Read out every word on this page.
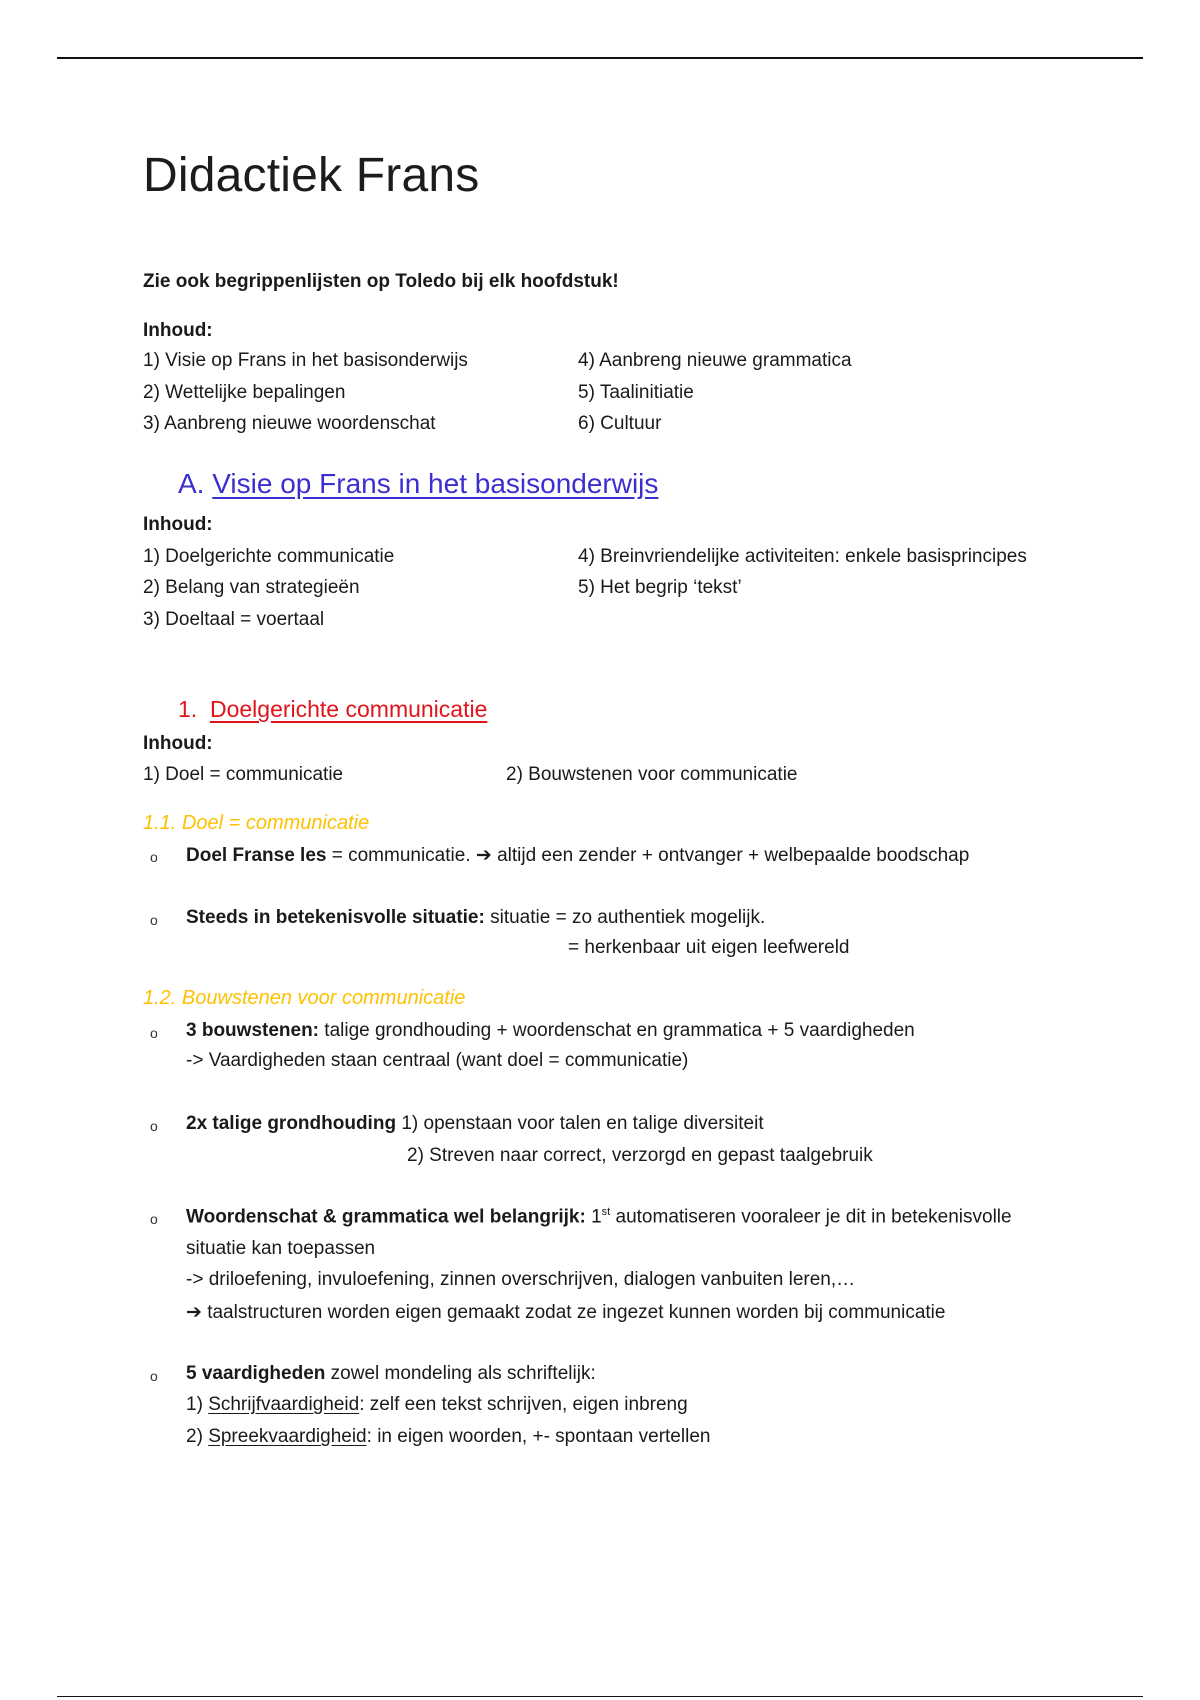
Didactiek Frans
Zie ook begrippenlijsten op Toledo bij elk hoofdstuk!
Inhoud:
1) Visie op Frans in het basisonderwijs
2) Wettelijke bepalingen
3) Aanbreng nieuwe woordenschat
4) Aanbreng nieuwe grammatica
5) Taalinitiatie
6) Cultuur
A. Visie op Frans in het basisonderwijs
Inhoud:
1) Doelgerichte communicatie
2) Belang van strategieën
3) Doeltaal = voertaal
4) Breinvriendelijke activiteiten: enkele basisprincipes
5) Het begrip ‘tekst’
1. Doelgerichte communicatie
Inhoud:
1) Doel = communicatie	2) Bouwstenen voor communicatie
1.1. Doel = communicatie
o Doel Franse les = communicatie. ➔ altijd een zender + ontvanger + welbepaalde boodschap
o Steeds in betekenisvolle situatie: situatie = zo authentiek mogelijk.
= herkenbaar uit eigen leefwereld
1.2. Bouwstenen voor communicatie
o 3 bouwstenen: talige grondhouding + woordenschat en grammatica + 5 vaardigheden
-> Vaardigheden staan centraal (want doel = communicatie)
o 2x talige grondhouding 1) openstaan voor talen en talige diversiteit
2) Streven naar correct, verzorgd en gepast taalgebruik
o Woordenschat & grammatica wel belangrijk: 1st automatiseren vooraleer je dit in betekenisvolle
situatie kan toepassen
-> driloefening, invuloefening, zinnen overschrijven, dialogen vanbuiten leren,…
➔ taalstructuren worden eigen gemaakt zodat ze ingezet kunnen worden bij communicatie
o 5 vaardigheden zowel mondeling als schriftelijk:
1) Schrijfvaardigheid: zelf een tekst schrijven, eigen inbreng
2) Spreekvaardigheid: in eigen woorden, +- spontaan vertellen
